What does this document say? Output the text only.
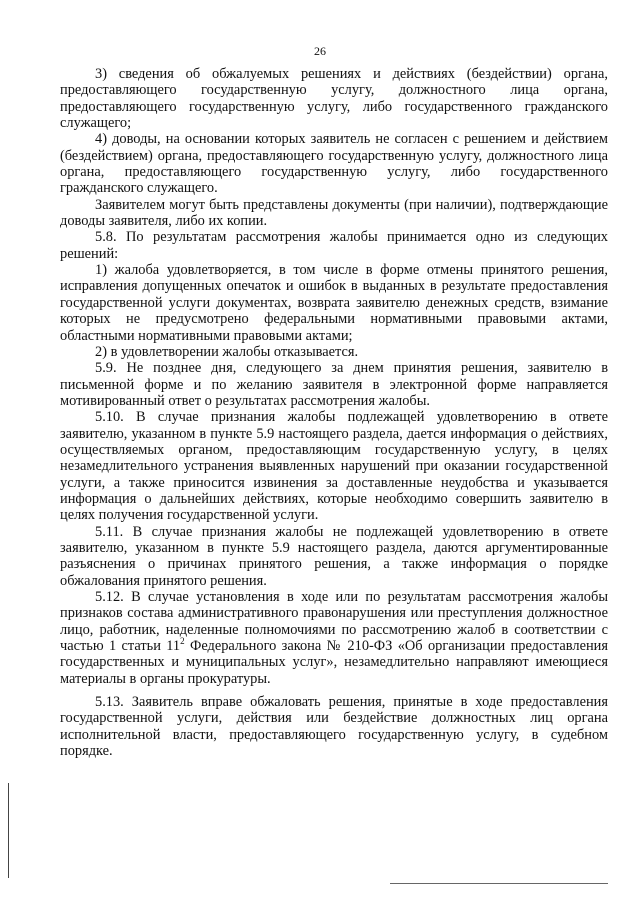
26

3) сведения об обжалуемых решениях и действиях (бездействии) органа, предоставляющего государственную услугу, должностного лица органа, предоставляющего государственную услугу, либо государственного гражданского служащего;

4) доводы, на основании которых заявитель не согласен с решением и действием (бездействием) органа, предоставляющего государственную услугу, должностного лица органа, предоставляющего государственную услугу, либо государственного гражданского служащего.

Заявителем могут быть представлены документы (при наличии), подтверждающие доводы заявителя, либо их копии.

5.8. По результатам рассмотрения жалобы принимается одно из следующих решений:

1) жалоба удовлетворяется, в том числе в форме отмены принятого решения, исправления допущенных опечаток и ошибок в выданных в результате предоставления государственной услуги документах, возврата заявителю денежных средств, взимание которых не предусмотрено федеральными нормативными правовыми актами, областными нормативными правовыми актами;

2) в удовлетворении жалобы отказывается.

5.9. Не позднее дня, следующего за днем принятия решения, заявителю в письменной форме и по желанию заявителя в электронной форме направляется мотивированный ответ о результатах рассмотрения жалобы.

5.10. В случае признания жалобы подлежащей удовлетворению в ответе заявителю, указанном в пункте 5.9 настоящего раздела, дается информация о действиях, осуществляемых органом, предоставляющим государственную услугу, в целях незамедлительного устранения выявленных нарушений при оказании государственной услуги, а также приносится извинения за доставленные неудобства и указывается информация о дальнейших действиях, которые необходимо совершить заявителю в целях получения государственной услуги.

5.11. В случае признания жалобы не подлежащей удовлетворению в ответе заявителю, указанном в пункте 5.9 настоящего раздела, даются аргументированные разъяснения о причинах принятого решения, а также информация о порядке обжалования принятого решения.

5.12. В случае установления в ходе или по результатам рассмотрения жалобы признаков состава административного правонарушения или преступления должностное лицо, работник, наделенные полномочиями по рассмотрению жалоб в соответствии с частью 1 статьи $11^2$ Федерального закона № 210-ФЗ «Об организации предоставления государственных и муниципальных услуг», незамедлительно направляют имеющиеся материалы в органы прокуратуры.

5.13. Заявитель вправе обжаловать решения, принятые в ходе предоставления государственной услуги, действия или бездействие должностных лиц органа исполнительной власти, предоставляющего государственную услугу, в судебном порядке.
